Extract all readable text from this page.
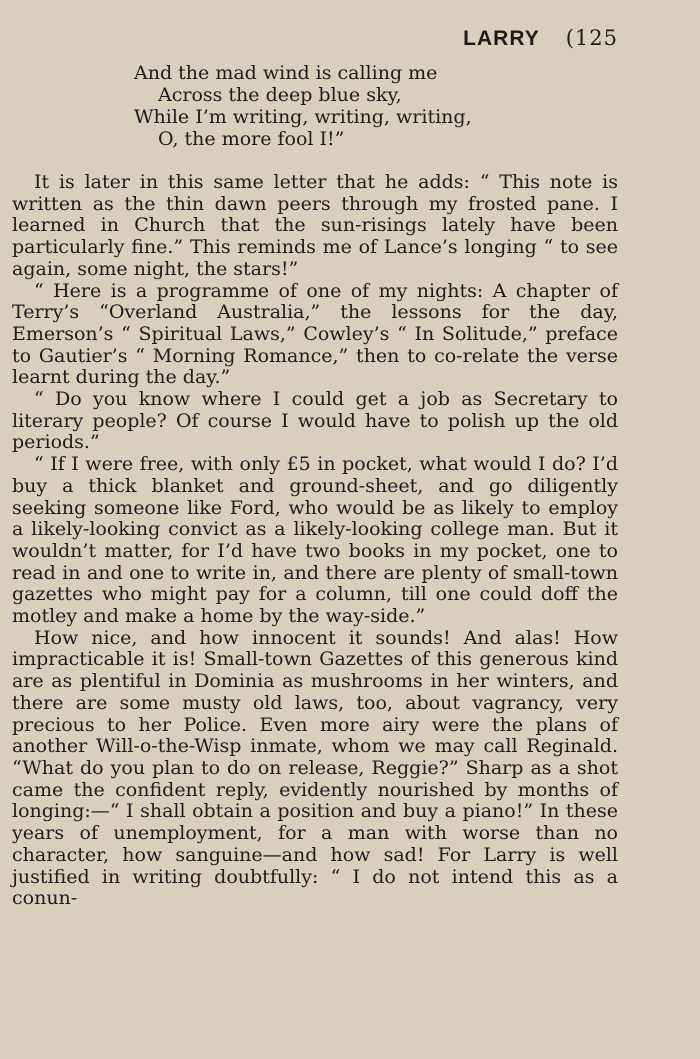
LARRY (125
And the mad wind is calling me
Across the deep blue sky,
While I’m writing, writing, writing,
O, the more fool I!”

It is later in this same letter that he adds: “ This note is written as the thin dawn peers through my frosted pane. I learned in Church that the sun-risings lately have been particularly fine.” This reminds me of Lance’s longing “ to see again, some night, the stars!”

“ Here is a programme of one of my nights: A chapter of Terry’s “Overland Australia,” the lessons for the day, Emerson’s “ Spiritual Laws,” Cowley’s “ In Solitude,” preface to Gautier’s “ Morning Romance,” then to co-relate the verse learnt during the day.”

“ Do you know where I could get a job as Secretary to literary people? Of course I would have to polish up the old periods.”

“ If I were free, with only £5 in pocket, what would I do? I’d buy a thick blanket and ground-sheet, and go diligently seeking someone like Ford, who would be as likely to employ a likely-looking convict as a likely-looking college man. But it wouldn’t matter, for I’d have two books in my pocket, one to read in and one to write in, and there are plenty of small-town gazettes who might pay for a column, till one could doff the motley and make a home by the way-side.”

How nice, and how innocent it sounds! And alas! How impracticable it is! Small-town Gazettes of this generous kind are as plentiful in Dominia as mushrooms in her winters, and there are some musty old laws, too, about vagrancy, very precious to her Police. Even more airy were the plans of another Will-o-the-Wisp inmate, whom we may call Reginald. “What do you plan to do on release, Reggie?” Sharp as a shot came the confident reply, evidently nourished by months of longing:—“ I shall obtain a position and buy a piano!” In these years of unemployment, for a man with worse than no character, how sanguine—and how sad! For Larry is well justified in writing doubtfully: “ I do not intend this as a conun-
